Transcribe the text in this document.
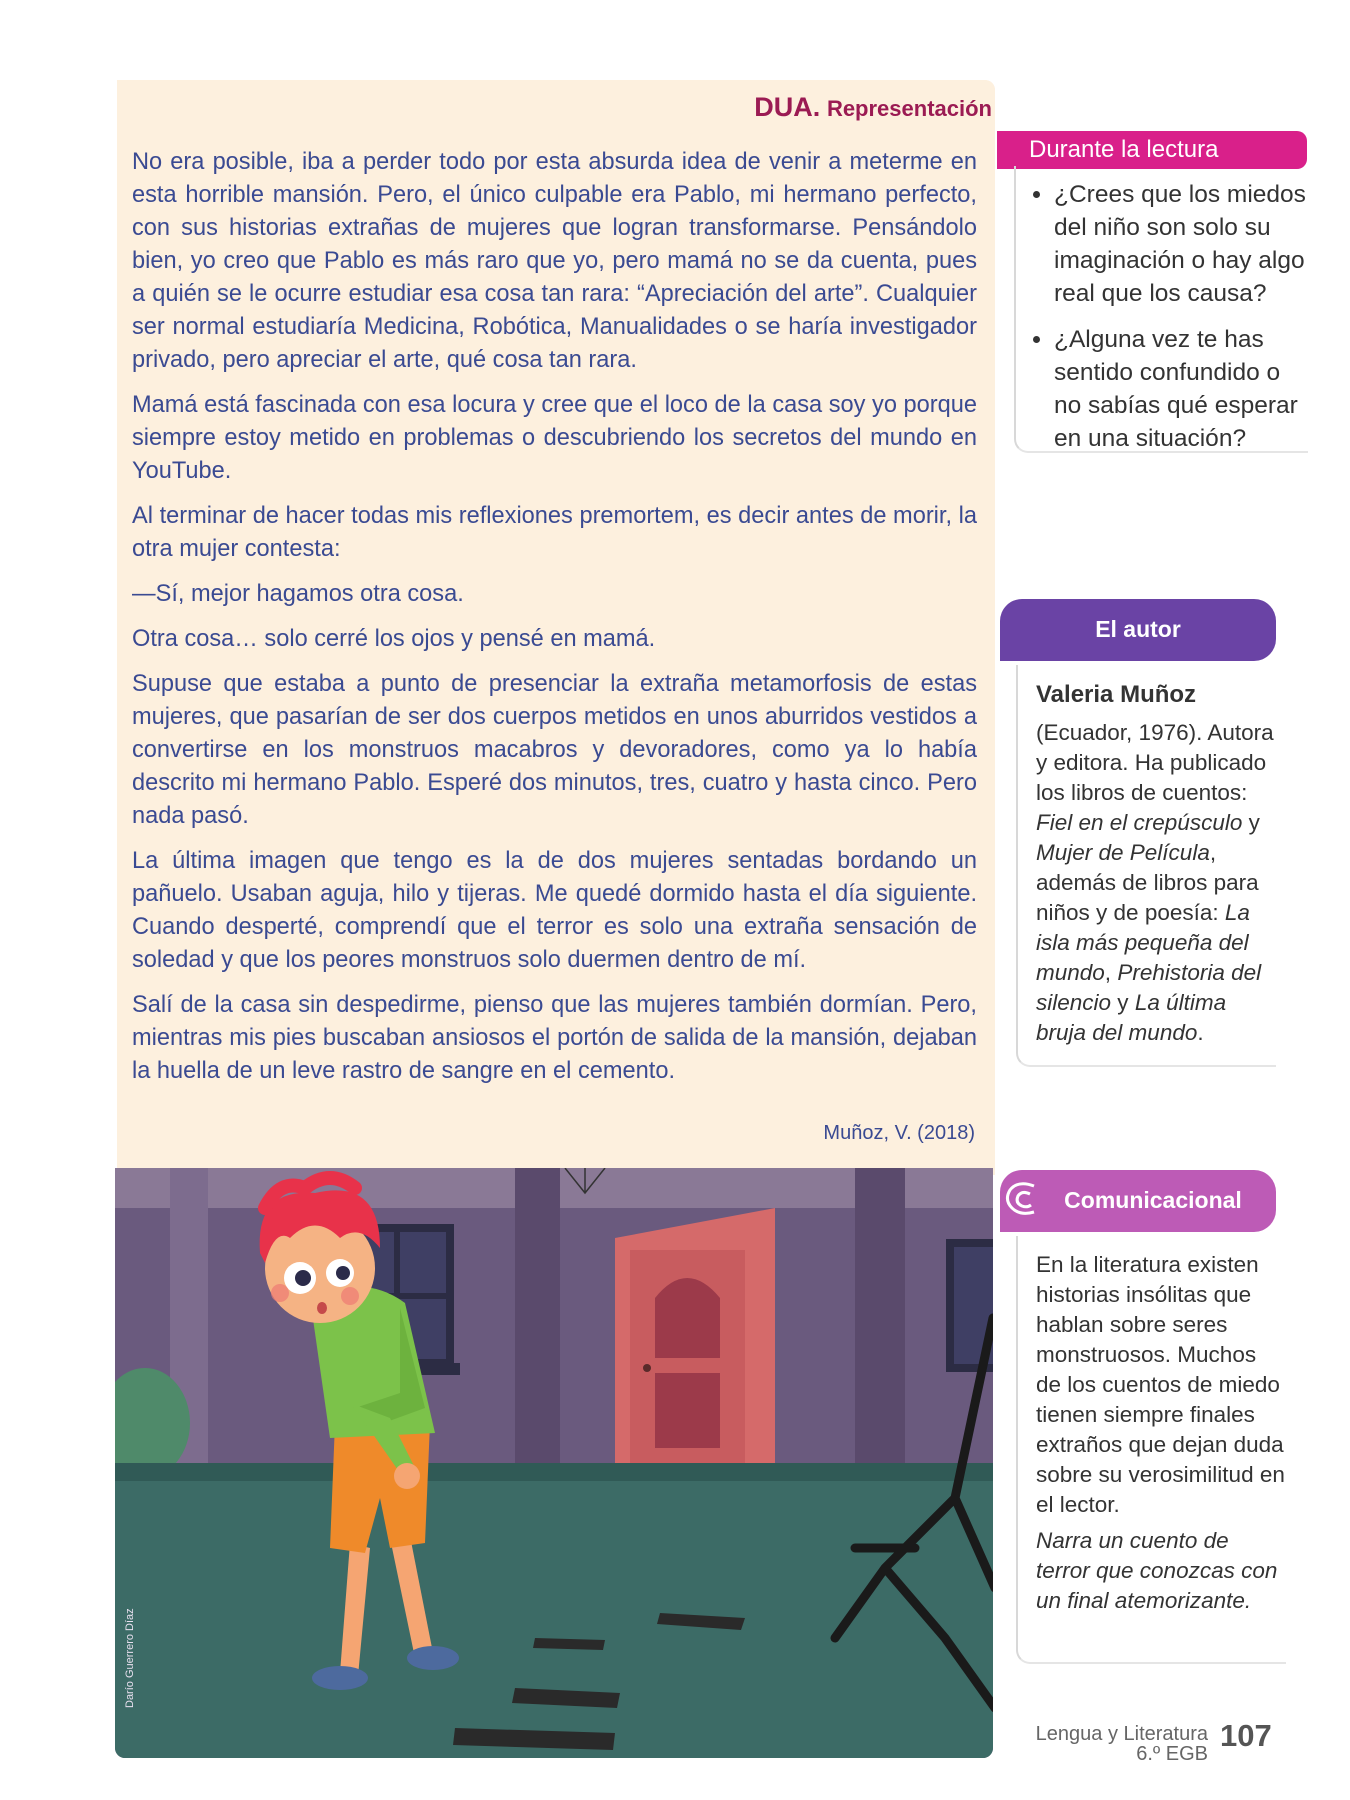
DUA. Representación

No era posible, iba a perder todo por esta absurda idea de venir a meterme en esta horrible mansión. Pero, el único culpable era Pablo, mi hermano perfecto, con sus historias extrañas de mujeres que logran transformarse. Pensándolo bien, yo creo que Pablo es más raro que yo, pero mamá no se da cuenta, pues a quién se le ocurre estudiar esa cosa tan rara: “Apreciación del arte”. Cualquier ser normal estudiaría Medicina, Robótica, Manualidades o se haría investigador privado, pero apreciar el arte, qué cosa tan rara.

Mamá está fascinada con esa locura y cree que el loco de la casa soy yo porque siempre estoy metido en problemas o descubriendo los secretos del mundo en YouTube.

Al terminar de hacer todas mis reflexiones premortem, es decir antes de morir, la otra mujer contesta:

—Sí, mejor hagamos otra cosa.

Otra cosa… solo cerré los ojos y pensé en mamá.

Supuse que estaba a punto de presenciar la extraña metamorfosis de estas mujeres, que pasarían de ser dos cuerpos metidos en unos aburridos vestidos a convertirse en los monstruos macabros y devoradores, como ya lo había descrito mi hermano Pablo. Esperé dos minutos, tres, cuatro y hasta cinco. Pero nada pasó.

La última imagen que tengo es la de dos mujeres sentadas bordando un pañuelo. Usaban aguja, hilo y tijeras. Me quedé dormido hasta el día siguiente. Cuando desperté, comprendí que el terror es solo una extraña sensación de soledad y que los peores monstruos solo duermen dentro de mí.

Salí de la casa sin despedirme, pienso que las mujeres también dormían. Pero, mientras mis pies buscaban ansiosos el portón de salida de la mansión, dejaban la huella de un leve rastro de sangre en el cemento.

Muñoz, V. (2018)
Darío Guerrero Díaz
Durante la lectura
• ¿Crees que los miedos del niño son solo su imaginación o hay algo real que los causa?
• ¿Alguna vez te has sentido confundido o no sabías qué esperar en una situación?
El autor
Valeria Muñoz
(Ecuador, 1976). Autora y editora. Ha publicado los libros de cuentos: Fiel en el crepúsculo y Mujer de Película, además de libros para niños y de poesía: La isla más pequeña del mundo, Prehistoria del silencio y La última bruja del mundo.
Comunicacional

En la literatura existen historias insólitas que hablan sobre seres monstruosos. Muchos de los cuentos de miedo tienen siempre finales extraños que dejan duda sobre su verosimilitud en el lector.

Narra un cuento de terror que conozcas con un final atemorizante.

Lengua y Literatura
6.º EGB
107
